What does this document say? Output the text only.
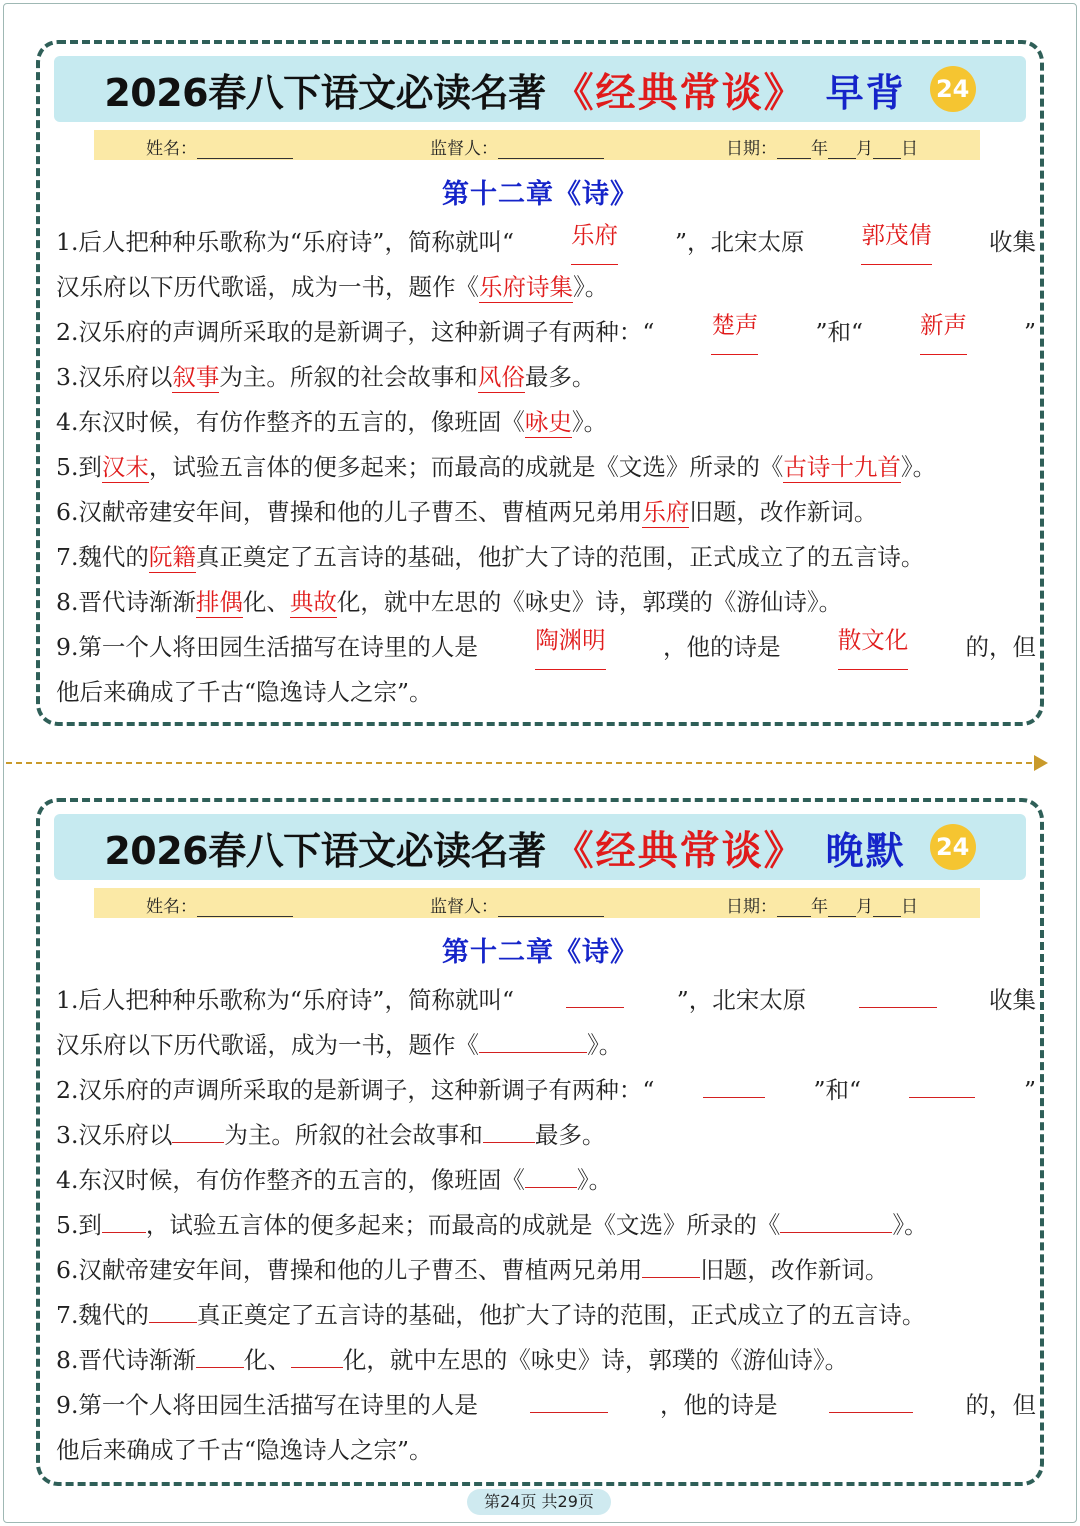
2026春八下语文必读名著 《经典常谈》 早背 24
姓名：	监督人：	日期： 年 月 日
第十二章《诗》
1.后人把种种乐歌称为“乐府诗”，简称就叫“ 乐府 ”，北宋太原 郭茂倩 收集
汉乐府以下历代歌谣，成为一书，题作《乐府诗集》。
2.汉乐府的声调所采取的是新调子，这种新调子有两种：“ 楚声 ”和“ 新声 ”
3.汉乐府以叙事为主。所叙的社会故事和风俗最多。
4.东汉时候，有仿作整齐的五言的，像班固《咏史》。
5.到汉末，试验五言体的便多起来；而最高的成就是《文选》所录的《古诗十九首》。
6.汉献帝建安年间，曹操和他的儿子曹丕、曹植两兄弟用乐府旧题，改作新词。
7.魏代的阮籍真正奠定了五言诗的基础，他扩大了诗的范围，正式成立了的五言诗。
8.晋代诗渐渐排偶化、典故化，就中左思的《咏史》诗，郭璞的《游仙诗》。
9.第一个人将田园生活描写在诗里的人是 陶渊明 ，他的诗是 散文化 的，但
他后来确成了千古“隐逸诗人之宗”。
2026春八下语文必读名著 《经典常谈》 晚默 24
姓名：	监督人：	日期： 年 月 日
第十二章《诗》
1.后人把种种乐歌称为“乐府诗”，简称就叫“	”，北宋太原	收集
汉乐府以下历代歌谣，成为一书，题作《	》。
2.汉乐府的声调所采取的是新调子，这种新调子有两种：“	”和“	”
3.汉乐府以 为主。所叙的社会故事和 最多。
4.东汉时候，有仿作整齐的五言的，像班固《 》。
5.到 ，试验五言体的便多起来；而最高的成就是《文选》所录的《	》。
6.汉献帝建安年间，曹操和他的儿子曹丕、曹植两兄弟用 旧题，改作新词。
7.魏代的 真正奠定了五言诗的基础，他扩大了诗的范围，正式成立了的五言诗。
8.晋代诗渐渐 化、 化，就中左思的《咏史》诗，郭璞的《游仙诗》。
9.第一个人将田园生活描写在诗里的人是	，他的诗是	的，但
他后来确成了千古“隐逸诗人之宗”。
第24页 共29页
